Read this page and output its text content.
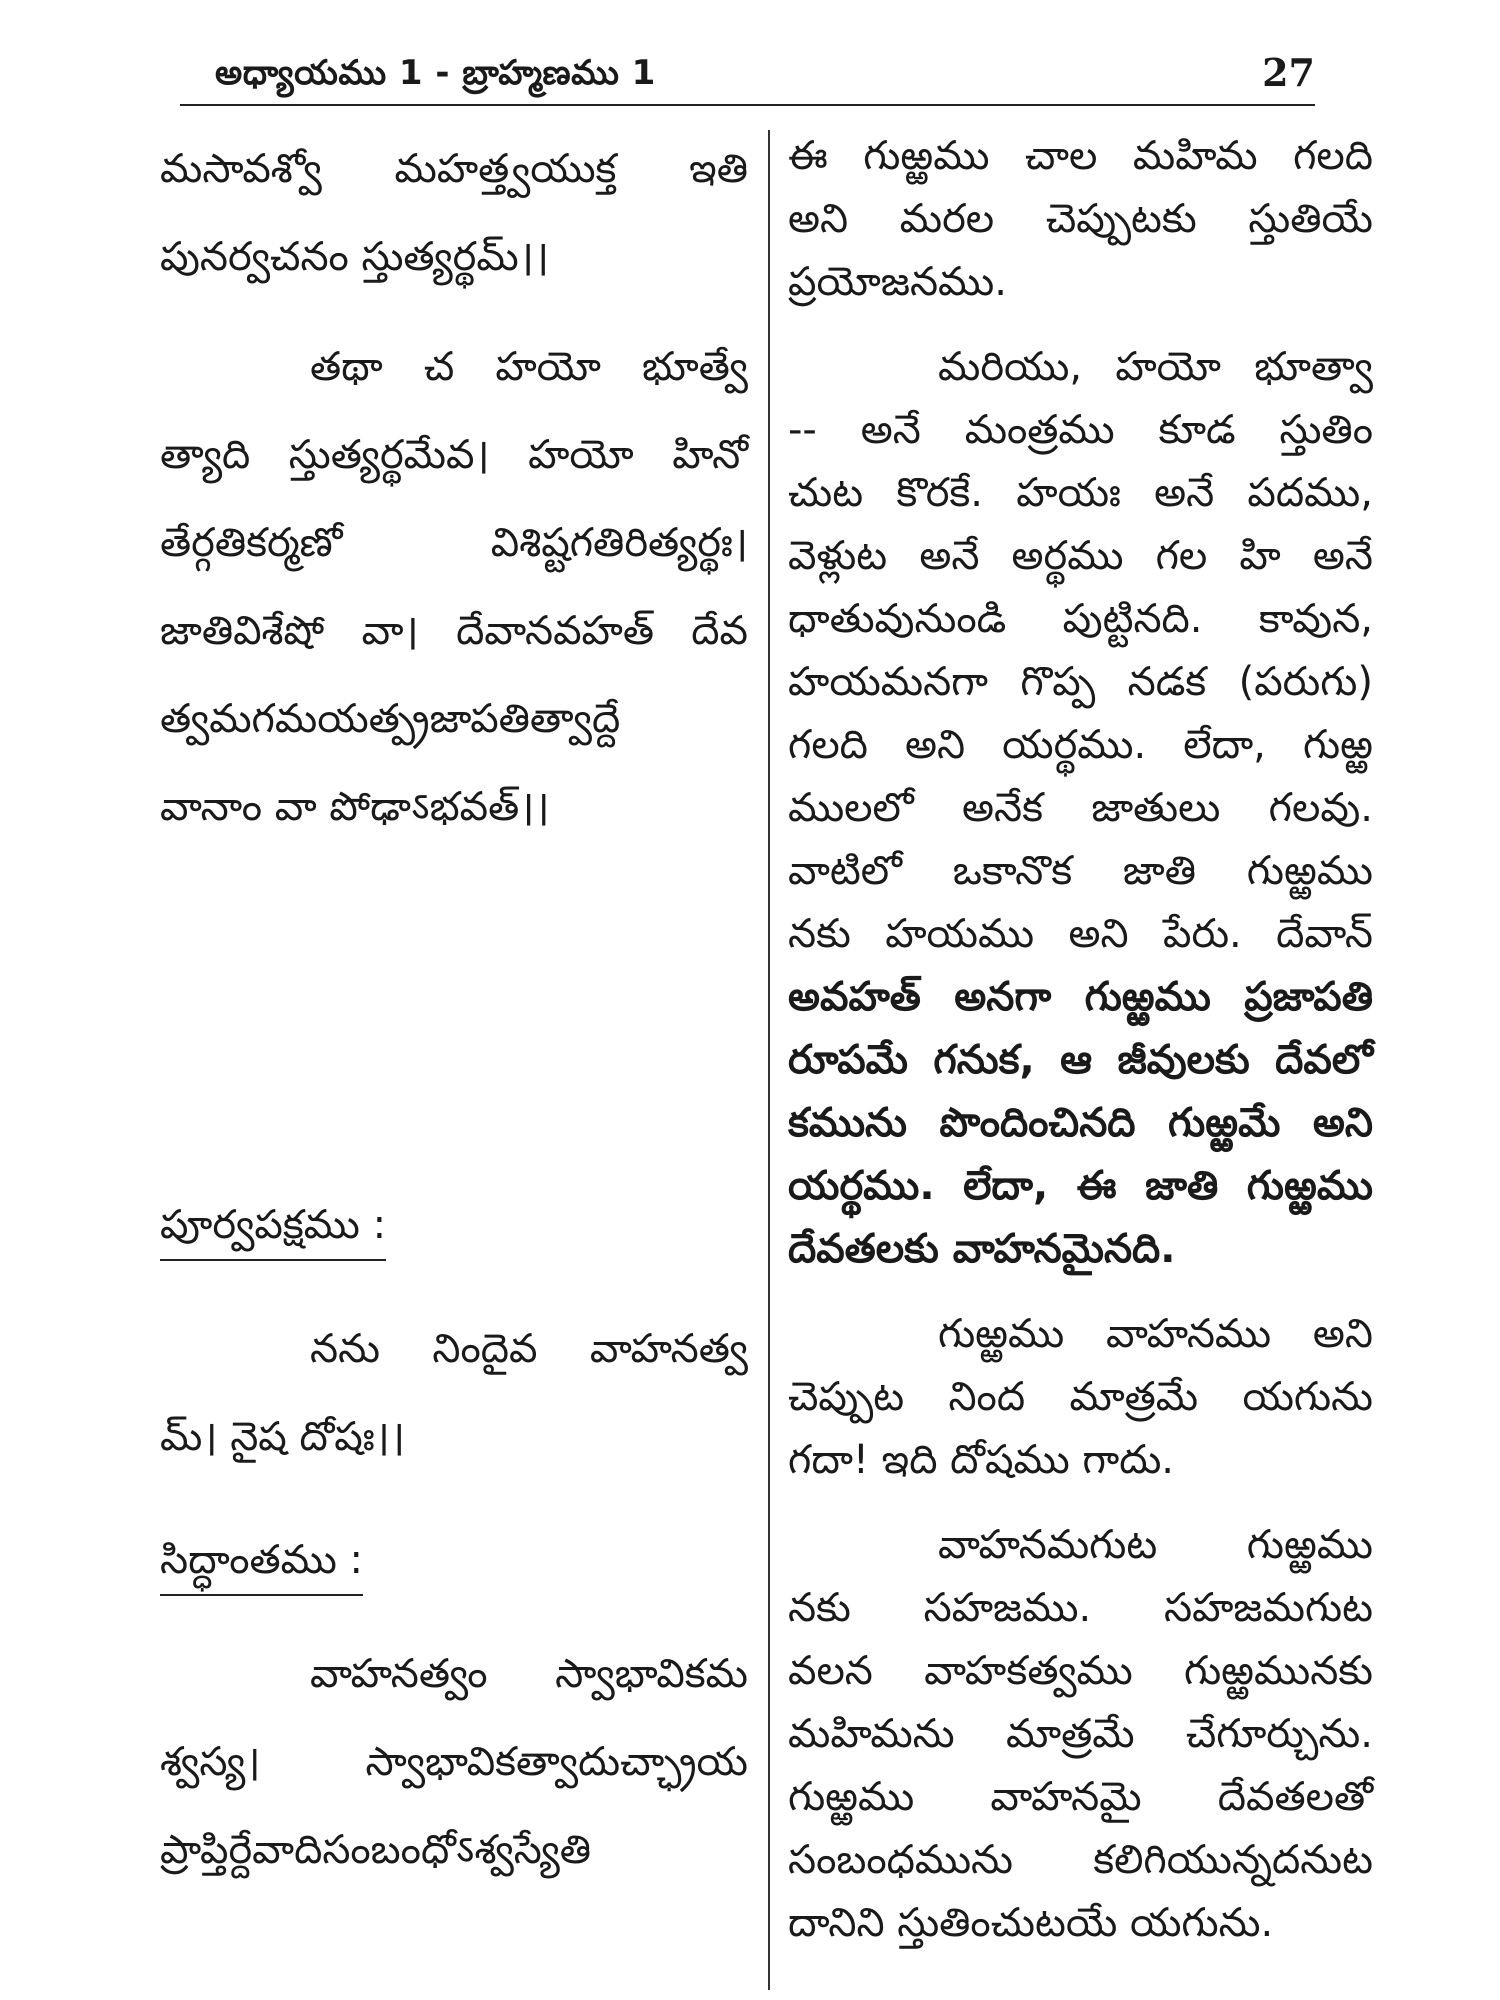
అధ్యాయము 1 - బ్రాహ్మణము 1	27

మసావశ్వో మహత్త్వయుక్త ఇతి

పునర్వచనం స్తుత్యర్థమ్।।

తథా చ హయో భూత్వే

త్యాది స్తుత్యర్థమేవ। హయో హినో

తేర్గతికర్మణో విశిష్టగతిరిత్యర్థః।

జాతివిశేషో వా। దేవానవహత్ దేవ

త్వమగమయత్ప్రజాపతిత్వాద్దే

వానాం వా పోఢాऽభవత్।।

పూర్వపక్షము :

నను నిందైవ వాహనత్వ

మ్। నైష దోషః।।

సిద్ధాంతము :

వాహనత్వం స్వాభావికమ

శ్వస్య। స్వాభావికత్వాదుచ్ఛ్రాయ

ప్రాప్తిర్దేవాదిసంబంధోऽశ్వస్యేతి

ఈ గుఱ్ఱము చాల మహిమ గలది

అని మరల చెప్పుటకు స్తుతియే

ప్రయోజనము.

మరియు, హయో భూత్వా

-- అనే మంత్రము కూడ స్తుతిం

చుట కొరకే. హయః అనే పదము,

వెళ్లుట అనే అర్థము గల హి అనే

ధాతువునుండి పుట్టినది. కావున,

హయమనగా గొప్ప నడక (పరుగు)

గలది అని యర్థము. లేదా, గుఱ్ఱ

ములలో అనేక జాతులు గలవు.

వాటిలో ఒకానొక జాతి గుఱ్ఱము

నకు హయము అని పేరు. దేవాన్

అవహత్ అనగా గుఱ్ఱము ప్రజాపతి

రూపమే గనుక, ఆ జీవులకు దేవలో

కమును పొందించినది గుఱ్ఱమే అని

యర్థము. లేదా, ఈ జాతి గుఱ్ఱము

దేవతలకు వాహనమైనది.

గుఱ్ఱము వాహనము అని

చెప్పుట నింద మాత్రమే యగును

గదా! ఇది దోషము గాదు.

వాహనమగుట గుఱ్ఱము

నకు సహజము. సహజమగుట

వలన వాహకత్వము గుఱ్ఱమునకు

మహిమను మాత్రమే చేగూర్చును.

గుఱ్ఱము వాహనమై దేవతలతో

సంబంధమును కలిగియున్నదనుట

దానిని స్తుతించుటయే యగును.
